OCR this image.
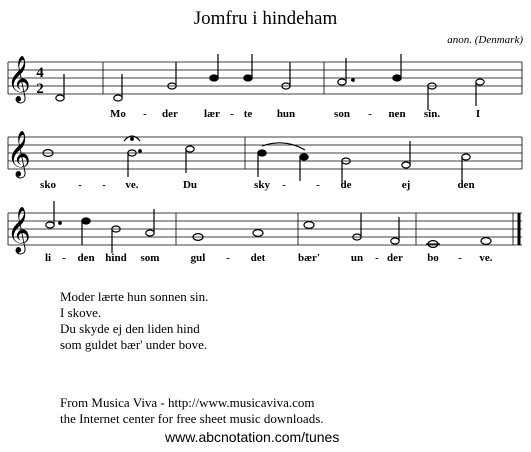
Jomfru i hindeham
anon. (Denmark)
𝄞
𝄞
𝄞
4
2
Mo - der lær - te hun	son - nen sin.	I
sko - - ve.	Du	sky -	- de	ej	den
li - den hind som	gul - det	bær'	un - der bo - ve.
Moder lærte hun sonnen sin.
I skove.
Du skyde ej den liden hind
som guldet bær' under bove.
From Musica Viva - http://www.musicaviva.com
the Internet center for free sheet music downloads.
www.abcnotation.com/tunes
